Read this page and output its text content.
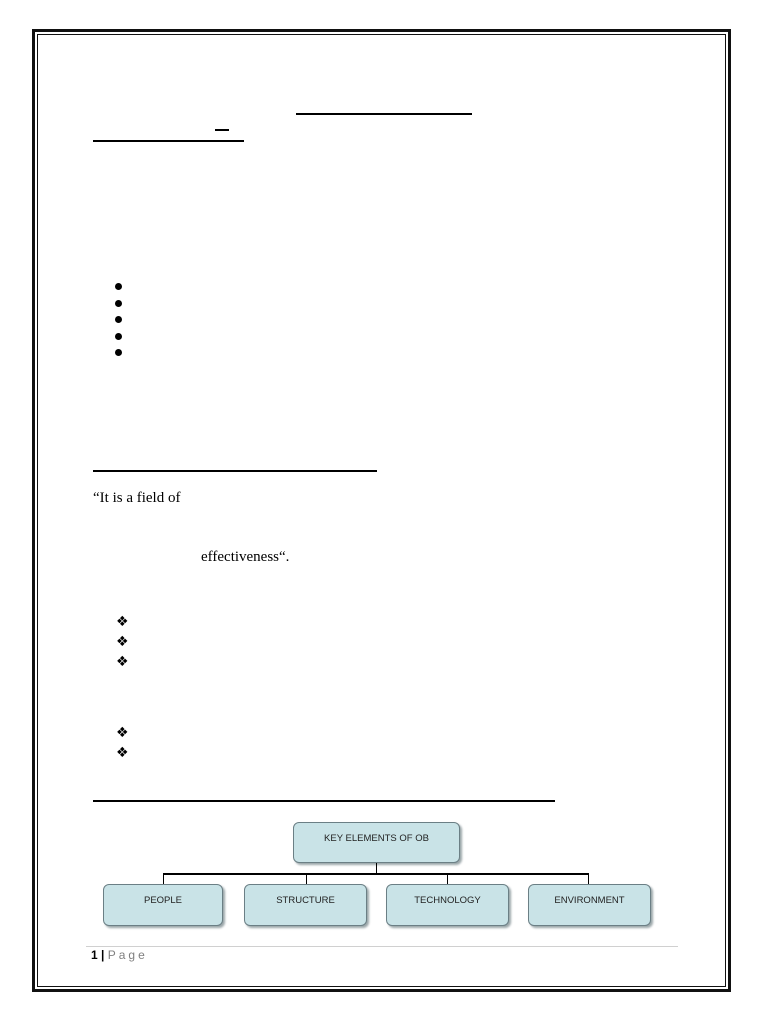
“It is a field of
effectiveness“.
❖
❖
❖
❖
❖
KEY ELEMENTS OF OB
PEOPLE	STRUCTURE	TECHNOLOGY	ENVIRONMENT
1 | Page
